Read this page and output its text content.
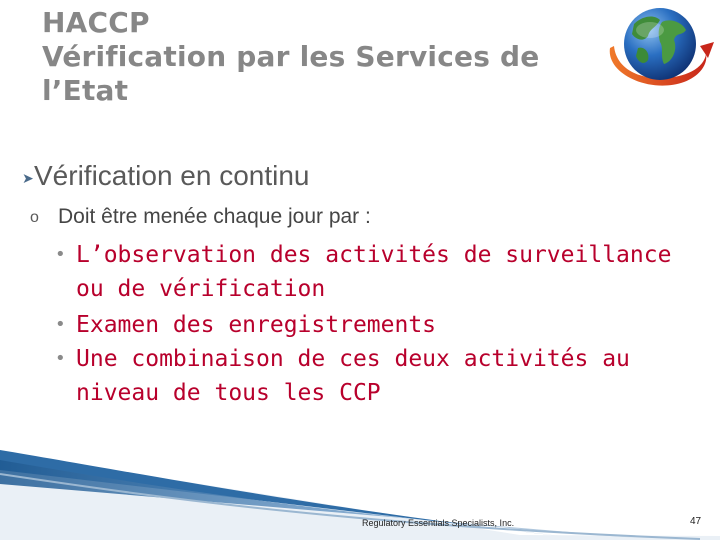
HACCP
Vérification par les Services de
l’Etat
➤ Vérification en continu
o Doit être menée chaque jour par :
• L’observation des activités de surveillance ou de vérification
• Examen des enregistrements
• Une combinaison de ces deux activités au niveau de tous les CCP
Regulatory Essentials Specialists, Inc.	47
